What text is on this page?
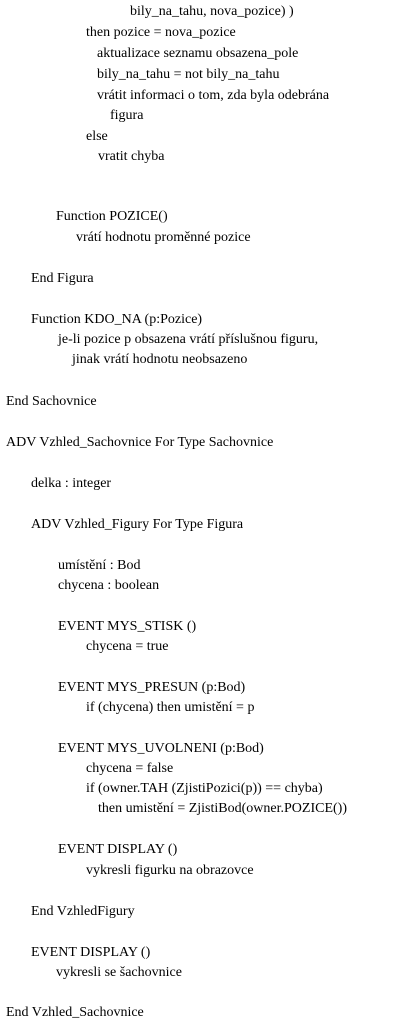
bily_na_tahu, nova_pozice) )
then pozice = nova_pozice
aktualizace seznamu obsazena_pole
bily_na_tahu = not bily_na_tahu
vrátit informaci o tom, zda byla odebrána
figura
else
vratit chyba
Function POZICE()
vrátí hodnotu proměnné pozice
End Figura
Function KDO_NA (p:Pozice)
je-li pozice p obsazena vrátí příslušnou figuru,
jinak vrátí hodnotu neobsazeno
End Sachovnice
ADV Vzhled_Sachovnice For Type Sachovnice
delka : integer
ADV Vzhled_Figury For Type Figura
umístění : Bod
chycena : boolean
EVENT MYS_STISK ()
chycena = true
EVENT MYS_PRESUN (p:Bod)
if (chycena) then umistění = p
EVENT MYS_UVOLNENI (p:Bod)
chycena = false
if (owner.TAH (ZjistiPozici(p)) == chyba)
then umistění = ZjistiBod(owner.POZICE())
EVENT DISPLAY ()
vykresli figurku na obrazovce
End VzhledFigury
EVENT DISPLAY ()
vykresli se šachovnice
End Vzhled_Sachovnice
